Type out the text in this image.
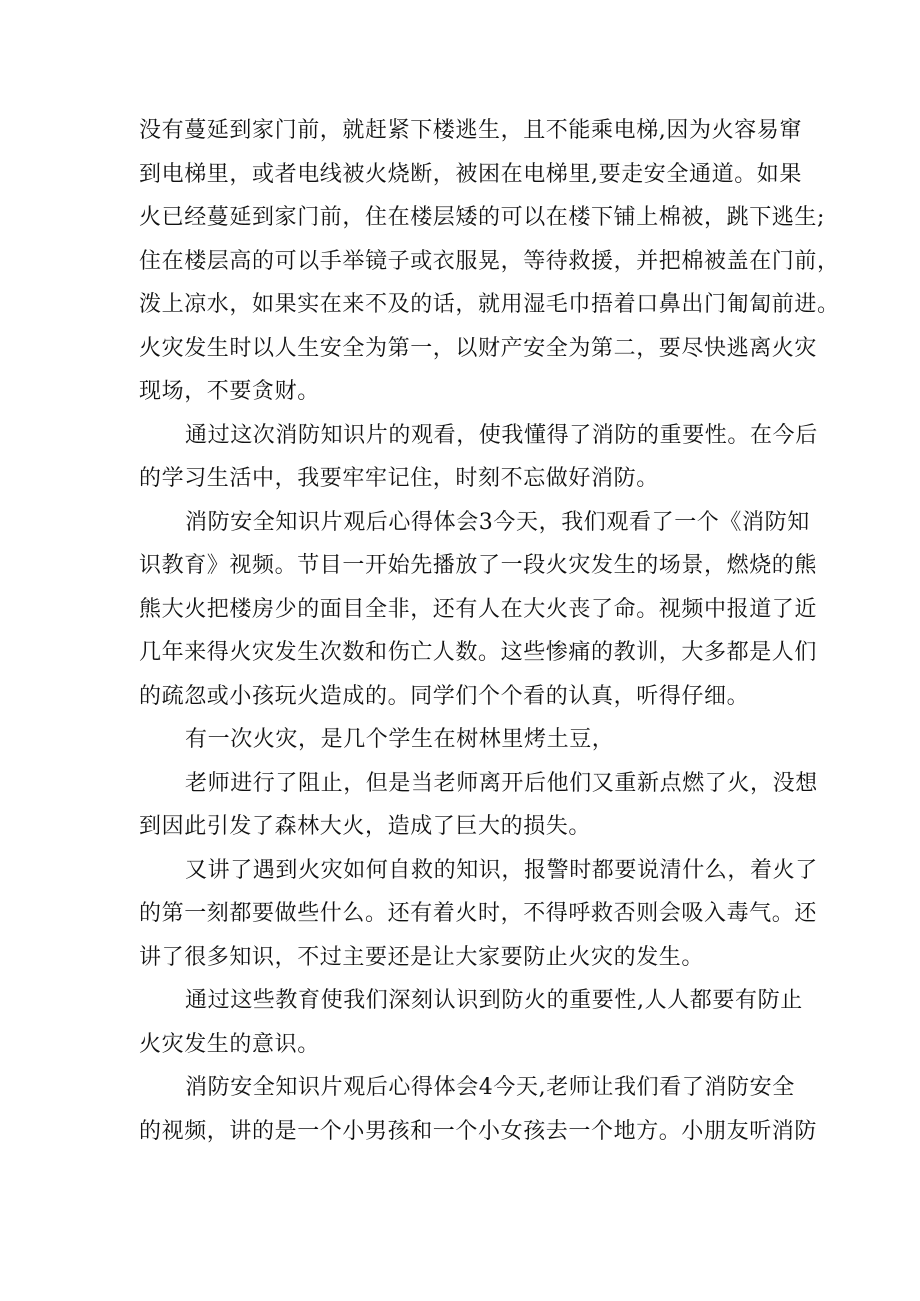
没有蔓延到家门前，就赶紧下楼逃生，且不能乘电梯,因为火容易窜
到电梯里，或者电线被火烧断，被困在电梯里,要走安全通道。如果
火已经蔓延到家门前，住在楼层矮的可以在楼下铺上棉被，跳下逃生;
住在楼层高的可以手举镜子或衣服晃，等待救援，并把棉被盖在门前，
泼上凉水，如果实在来不及的话，就用湿毛巾捂着口鼻出门匍匐前进。
火灾发生时以人生安全为第一，以财产安全为第二，要尽快逃离火灾
现场，不要贪财。
通过这次消防知识片的观看，使我懂得了消防的重要性。在今后
的学习生活中，我要牢牢记住，时刻不忘做好消防。
消防安全知识片观后心得体会3今天，我们观看了一个《消防知
识教育》视频。节目一开始先播放了一段火灾发生的场景，燃烧的熊
熊大火把楼房少的面目全非，还有人在大火丧了命。视频中报道了近
几年来得火灾发生次数和伤亡人数。这些惨痛的教训，大多都是人们
的疏忽或小孩玩火造成的。同学们个个看的认真，听得仔细。
有一次火灾，是几个学生在树林里烤土豆，
老师进行了阻止，但是当老师离开后他们又重新点燃了火，没想
到因此引发了森林大火，造成了巨大的损失。
又讲了遇到火灾如何自救的知识，报警时都要说清什么，着火了
的第一刻都要做些什么。还有着火时，不得呼救否则会吸入毒气。还
讲了很多知识，不过主要还是让大家要防止火灾的发生。
通过这些教育使我们深刻认识到防火的重要性,人人都要有防止
火灾发生的意识。
消防安全知识片观后心得体会4今天,老师让我们看了消防安全
的视频，讲的是一个小男孩和一个小女孩去一个地方。小朋友听消防
